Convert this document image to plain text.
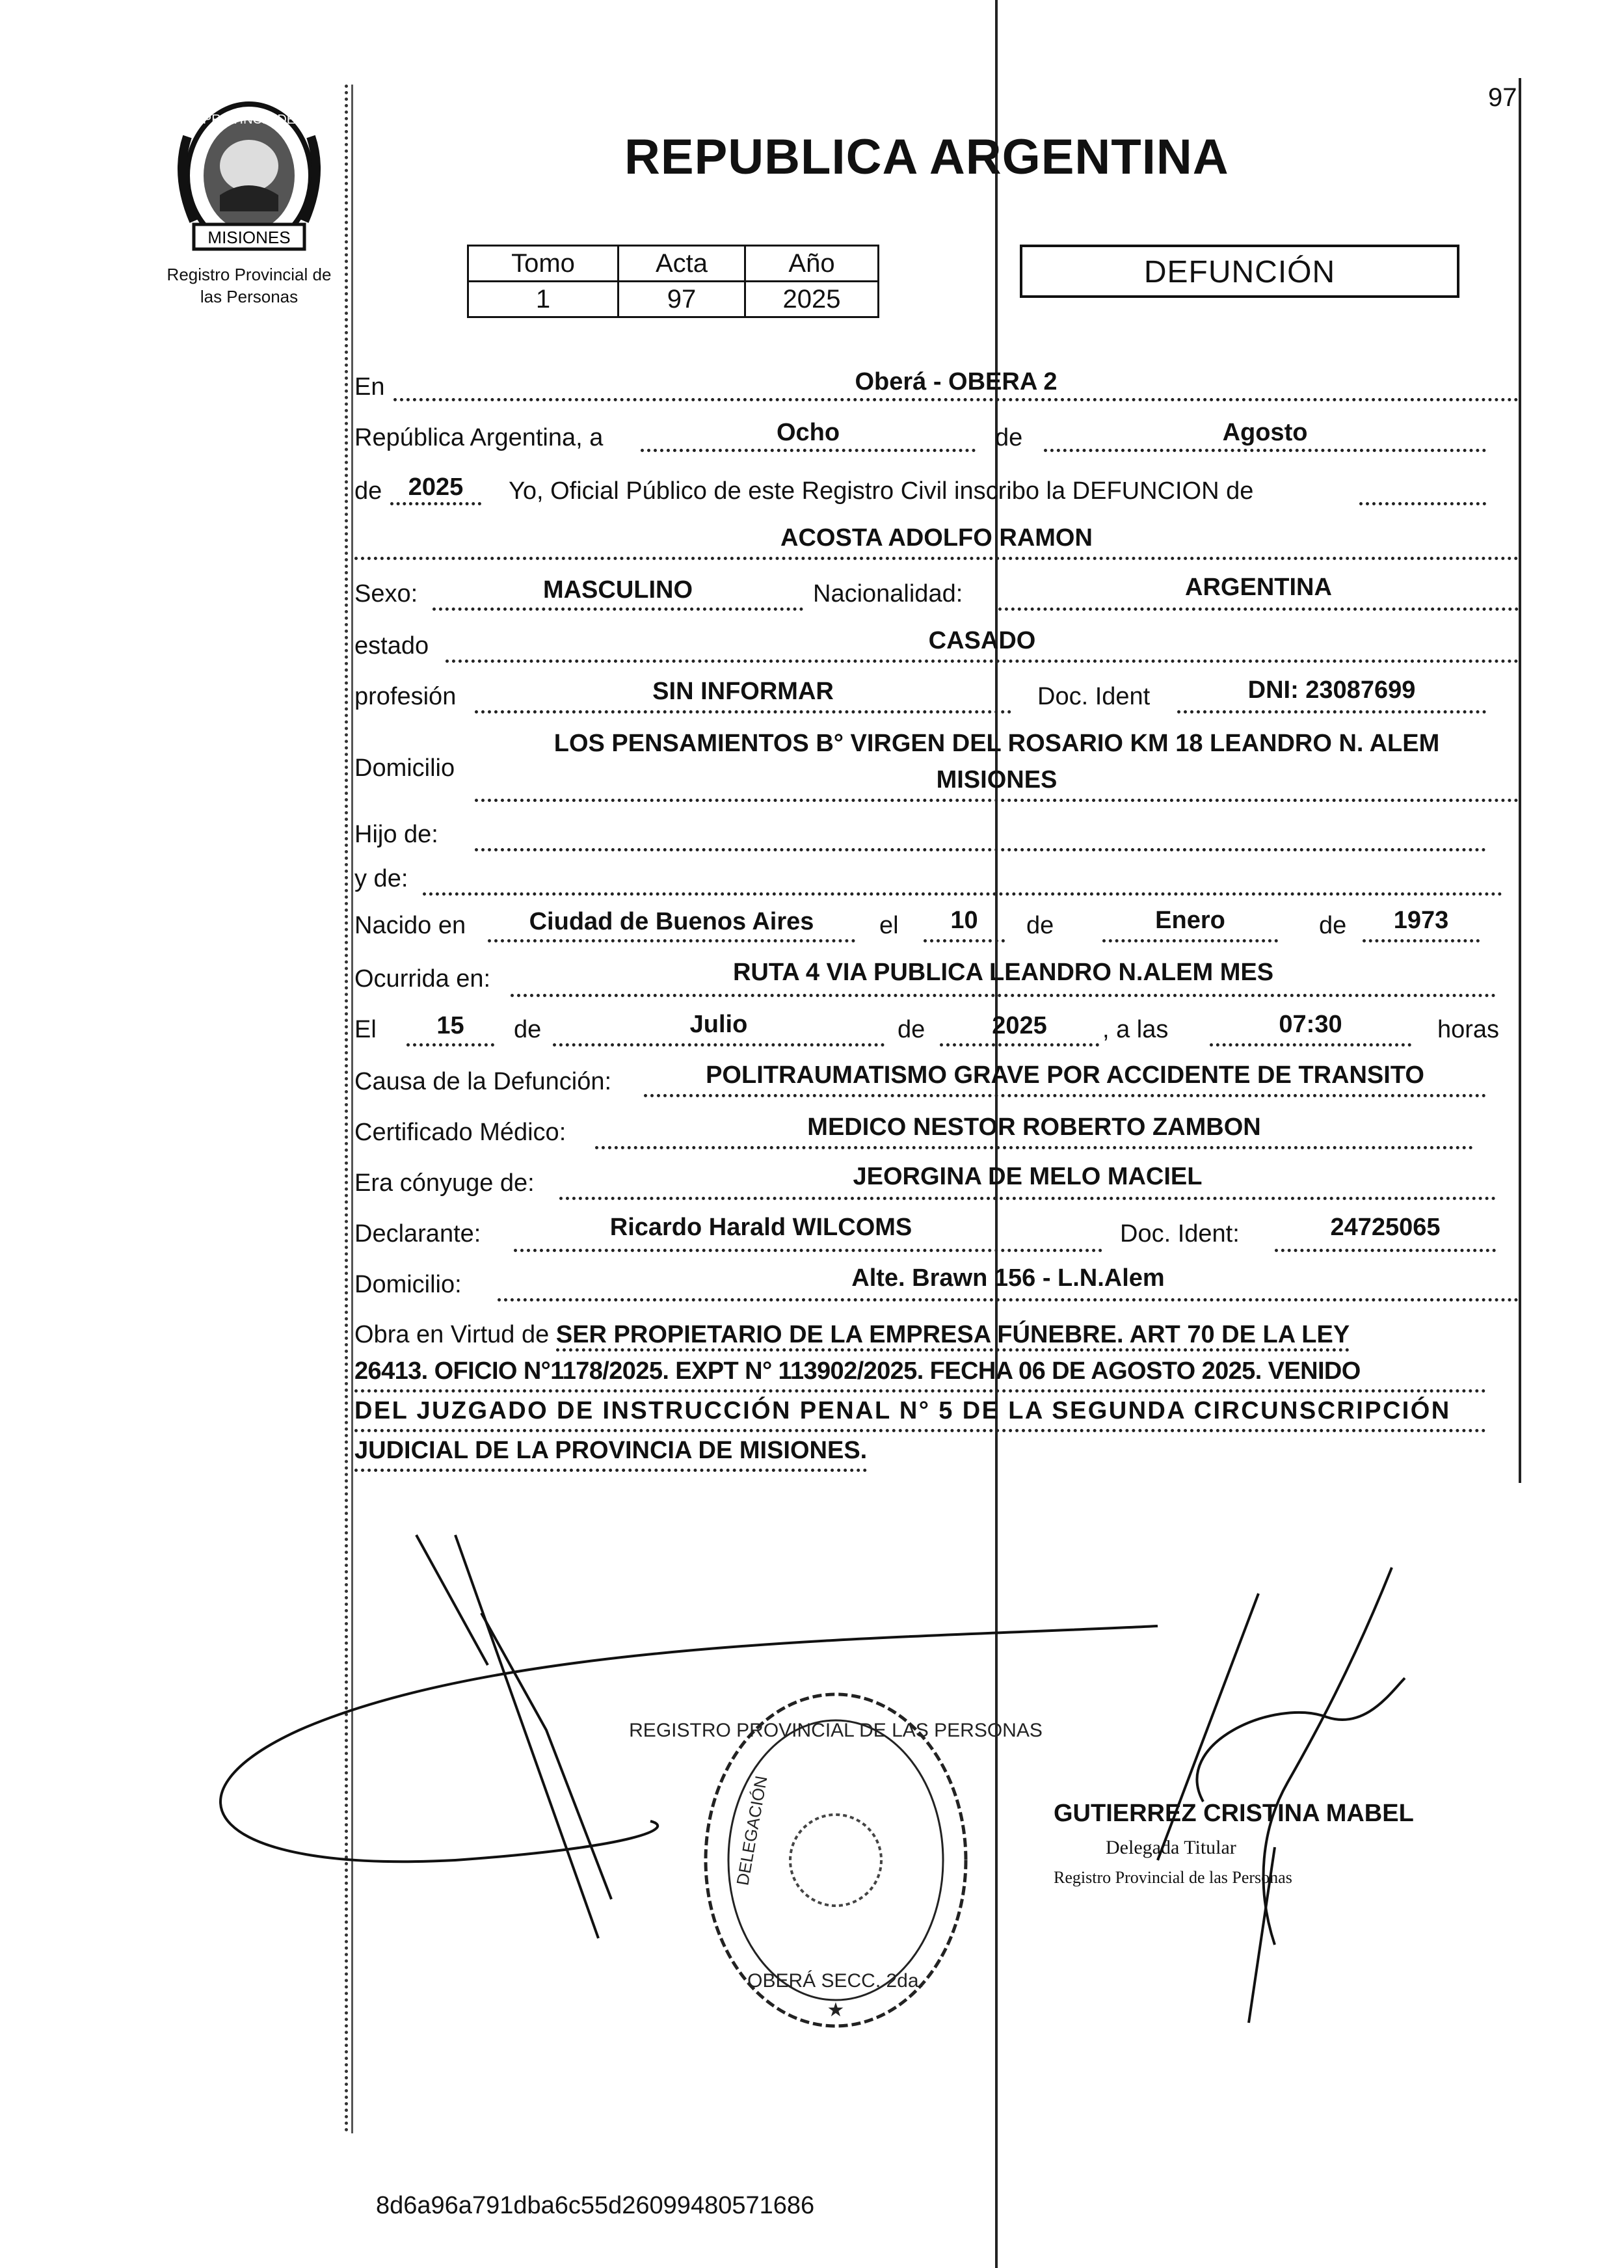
MISIONES
PROVINCIA DE
Registro Provincial de
las Personas
97
REPUBLICA ARGENTINA
Tomo	Acta	Año
1	97	2025
DEFUNCIÓN
En	Oberá - OBERA 2
República Argentina, a	Ocho	de	Agosto
de	2025	Yo, Oficial Público de este Registro Civil inscribo la DEFUNCION de
ACOSTA ADOLFO RAMON
Sexo:	MASCULINO	Nacionalidad:	ARGENTINA
estado	CASADO
profesión	SIN INFORMAR	Doc. Ident	DNI: 23087699
Domicilio
LOS PENSAMIENTOS B° VIRGEN DEL ROSARIO KM 18 LEANDRO N. ALEM
MISIONES
Hijo de:
y de:
Nacido en	Ciudad de Buenos Aires	el	10	de	Enero	de	1973
Ocurrida en:	RUTA 4 VIA PUBLICA LEANDRO N.ALEM MES
El	15	de	Julio	de	2025	, a las	07:30	horas
Causa de la Defunción:	POLITRAUMATISMO GRAVE POR ACCIDENTE DE TRANSITO
Certificado Médico:	MEDICO NESTOR ROBERTO ZAMBON
Era cónyuge de:	JEORGINA DE MELO MACIEL
Declarante:	Ricardo Harald WILCOMS	Doc. Ident:	24725065
Domicilio:	Alte. Brawn 156 - L.N.Alem
Obra en Virtud de SER PROPIETARIO DE LA EMPRESA FÚNEBRE. ART 70 DE LA LEY
26413. OFICIO N°1178/2025. EXPT N° 113902/2025. FECHA 06 DE AGOSTO 2025. VENIDO
DEL JUZGADO DE INSTRUCCIÓN PENAL N° 5 DE LA SEGUNDA CIRCUNSCRIPCIÓN
JUDICIAL DE LA PROVINCIA DE MISIONES.
REGISTRO PROVINCIAL DE LAS PERSONAS
DELEGACIÓN
OBERÁ SECC. 2da.
★
GUTIERREZ CRISTINA MABEL
Delegada Titular
Registro Provincial de las Personas
8d6a96a791dba6c55d26099480571686
